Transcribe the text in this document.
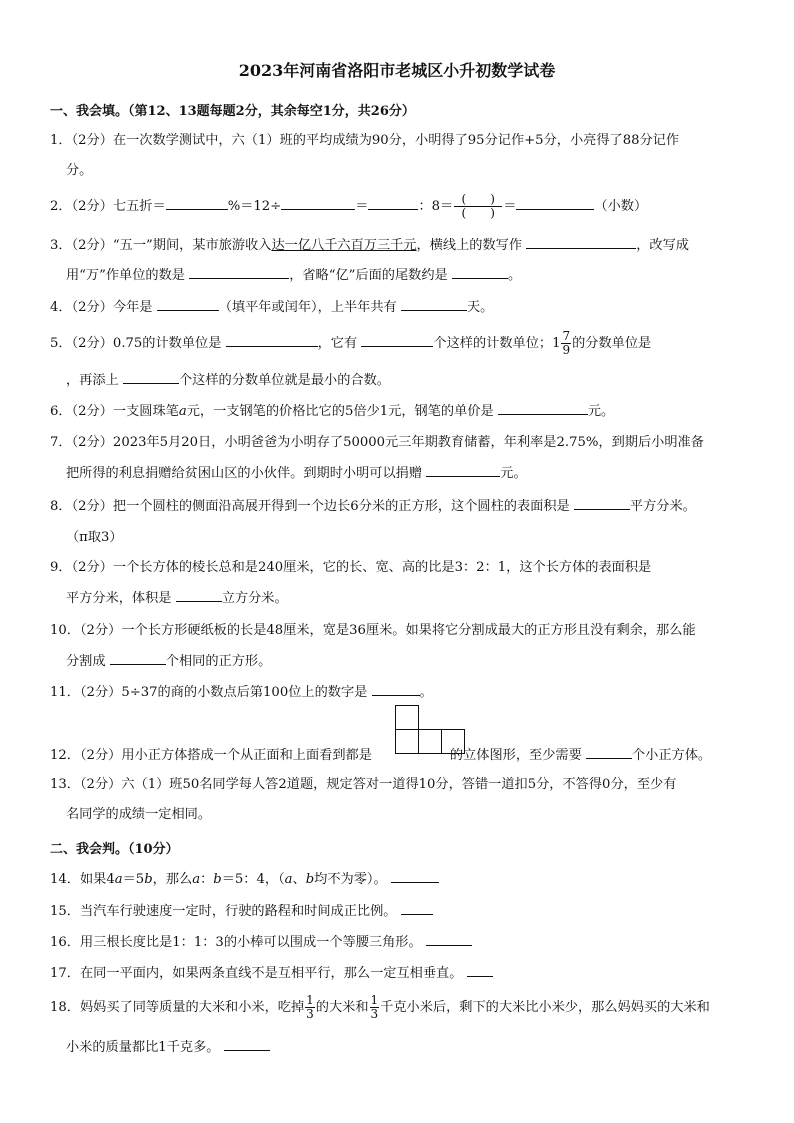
2023年河南省洛阳市老城区小升初数学试卷
一、我会填。（第12、13题每题2分，其余每空1分，共26分）
1．（2分）在一次数学测试中，六（1）班的平均成绩为90分，小明得了95分记作+5分，小亮得了88分记作
分。
2．（2分）七五折＝	%＝12÷	＝	：$8= \frac{( )}{( )}$ ＝	（小数）
3．（2分）“五一”期间，某市旅游收入达一亿八千六百万三千元，横线上的数写作	，改写成
用“万”作单位的数是	，省略“亿”后面的尾数约是	。
4．（2分）今年是	（填平年或闰年），上半年共有	天。
5．（2分）0.75的计数单位是	，它有	个这样的计数单位；$1 \frac{7}{9}$ 的分数单位是
，再添上	个这样的分数单位就是最小的合数。
6．（2分）一支圆珠笔a元，一支钢笔的价格比它的5倍少1元，钢笔的单价是	元。
7．（2分）2023年5月20日，小明爸爸为小明存了50000元三年期教育储蓄，年利率是2.75%，到期后小明准备
把所得的利息捐赠给贫困山区的小伙伴。到期时小明可以捐赠	元。
8．（2分）把一个圆柱的侧面沿高展开得到一个边长6分米的正方形，这个圆柱的表面积是	平方分米。
（π取3）
9．（2分）一个长方体的棱长总和是240厘米，它的长、宽、高的比是3：2：1，这个长方体的表面积是
平方分米，体积是	立方分米。
10．（2分）一个长方形硬纸板的长是48厘米，宽是36厘米。如果将它分割成最大的正方形且没有剩余，那么能
分割成	个相同的正方形。
11．（2分）5÷37的商的小数点后第100位上的数字是	。
12．（2分）用小正方体搭成一个从正面和上面看到都是	的立体图形，至少需要	个小正方体。
13．（2分）六（1）班50名同学每人答2道题，规定答对一道得10分，答错一道扣5分，不答得0分，至少有
名同学的成绩一定相同。
二、我会判。（10分）
14．如果4a＝5b，那么a：b＝5：4，（a、b均不为零）。
15．当汽车行驶速度一定时，行驶的路程和时间成正比例。
16．用三根长度比是1：1：3的小棒可以围成一个等腰三角形。
17．在同一平面内，如果两条直线不是互相平行，那么一定互相垂直。
18．妈妈买了同等质量的大米和小米，吃掉 $\frac{1}{3}$ 的大米和 $\frac{1}{3}$ 千克小米后，剩下的大米比小米少，那么妈妈买的大米和
小米的质量都比1千克多。
